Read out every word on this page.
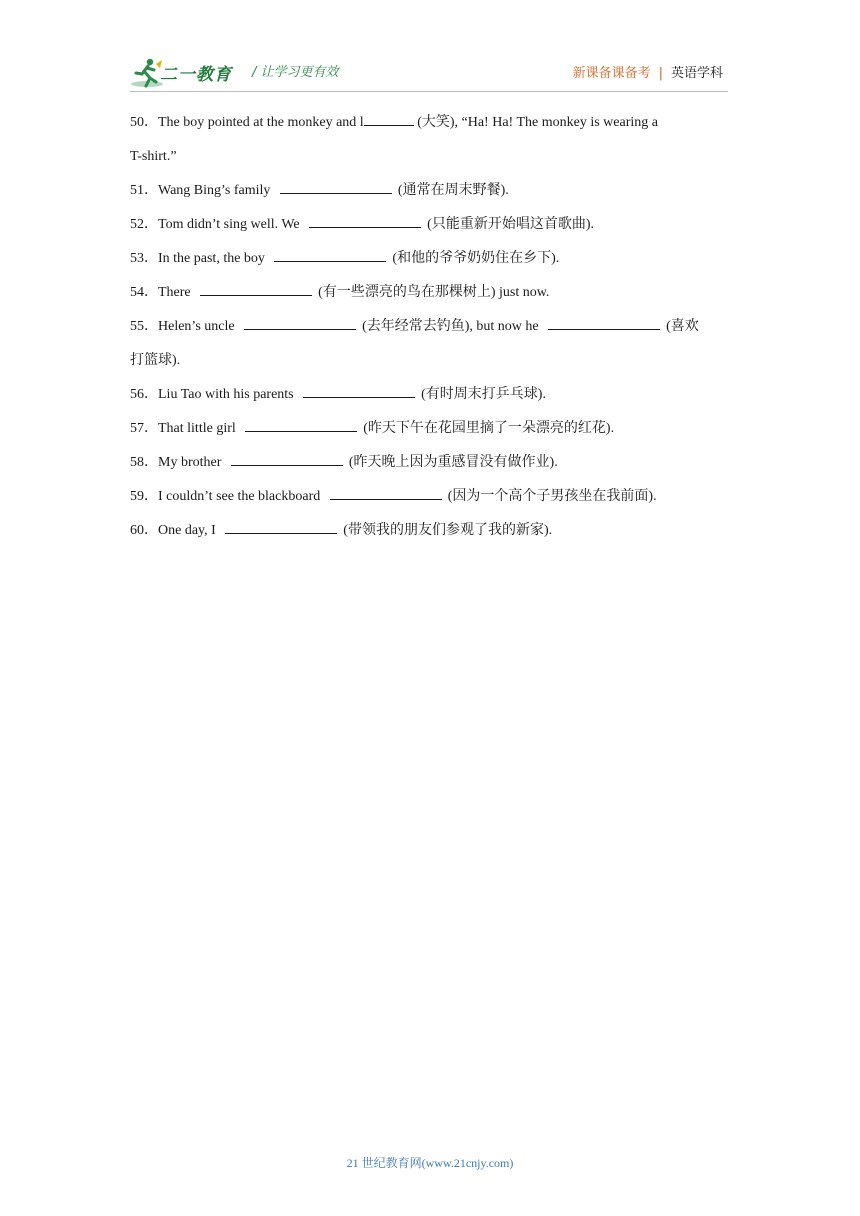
二一教育 / 让学习更有效	新课备课备考 | 英语学科
50．The boy pointed at the monkey and l	(大笑), “Ha! Ha! The monkey is wearing a
T-shirt.”
51．Wang Bing’s family	(通常在周末野餐).
52．Tom didn’t sing well. We	(只能重新开始唱这首歌曲).
53．In the past, the boy	(和他的爷爷奶奶住在乡下).
54．There	(有一些漂亮的鸟在那棵树上) just now.
55．Helen’s uncle	(去年经常去钓鱼), but now he	(喜欢
打篮球).
56．Liu Tao with his parents	(有时周末打乒乓球).
57．That little girl	(昨天下午在花园里摘了一朵漂亮的红花).
58．My brother	(昨天晚上因为重感冒没有做作业).
59．I couldn’t see the blackboard	(因为一个高个子男孩坐在我前面).
60．One day, I	(带领我的朋友们参观了我的新家).
21 世纪教育网(www.21cnjy.com)
